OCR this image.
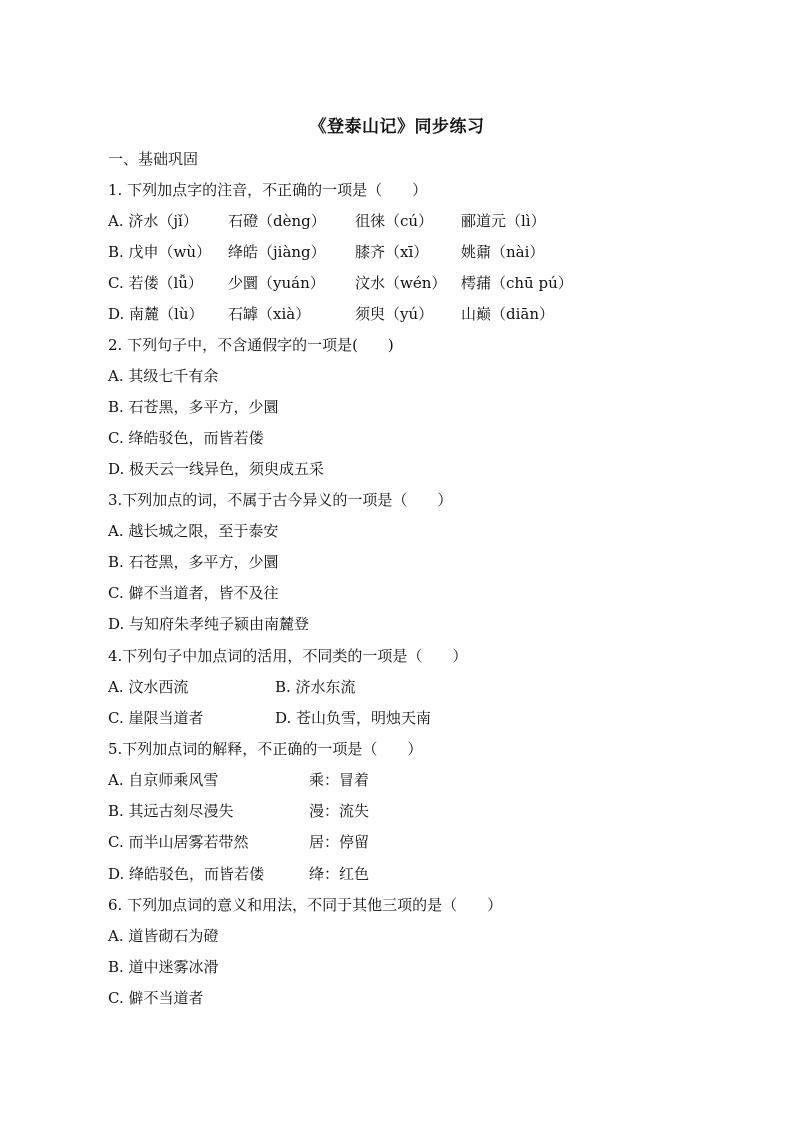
《登泰山记》同步练习
一、基础巩固
1. 下列加点字的注音，不正确的一项是（　　）
A. 济水（jǐ） 石磴（dèng） 徂徕（cú） 郦道元（lì）
B. 戊申（wù） 绛皓（jiàng） 膝齐（xī） 姚鼐（nài）
C. 若偻（lǚ） 少圜（yuán） 汶水（wén） 樗蒱（chū pú）
D. 南麓（lù） 石罅（xià）	须臾（yú） 山巅（diān）
2. 下列句子中，不含通假字的一项是(　　)
A. 其级七千有余
B. 石苍黑，多平方，少圜
C. 绛皓驳色，而皆若偻
D. 极天云一线异色，须臾成五采
3.下列加点的词，不属于古今异义的一项是（　　）
A. 越长城之限，至于泰安
B. 石苍黑，多平方，少圜
C. 僻不当道者，皆不及往
D. 与知府朱孝纯子颍由南麓登
4.下列句子中加点词的活用，不同类的一项是（　　）
A. 汶水西流	B. 济水东流
C. 崖限当道者	D. 苍山负雪，明烛天南
5.下列加点词的解释，不正确的一项是（　　）
A. 自京师乘风雪	乘：冒着
B. 其远古刻尽漫失	漫：流失
C. 而半山居雾若带然	居：停留
D. 绛皓驳色，而皆若偻	绛：红色
6. 下列加点词的意义和用法，不同于其他三项的是（　　）
A. 道皆砌石为磴
B. 道中迷雾冰滑
C. 僻不当道者
